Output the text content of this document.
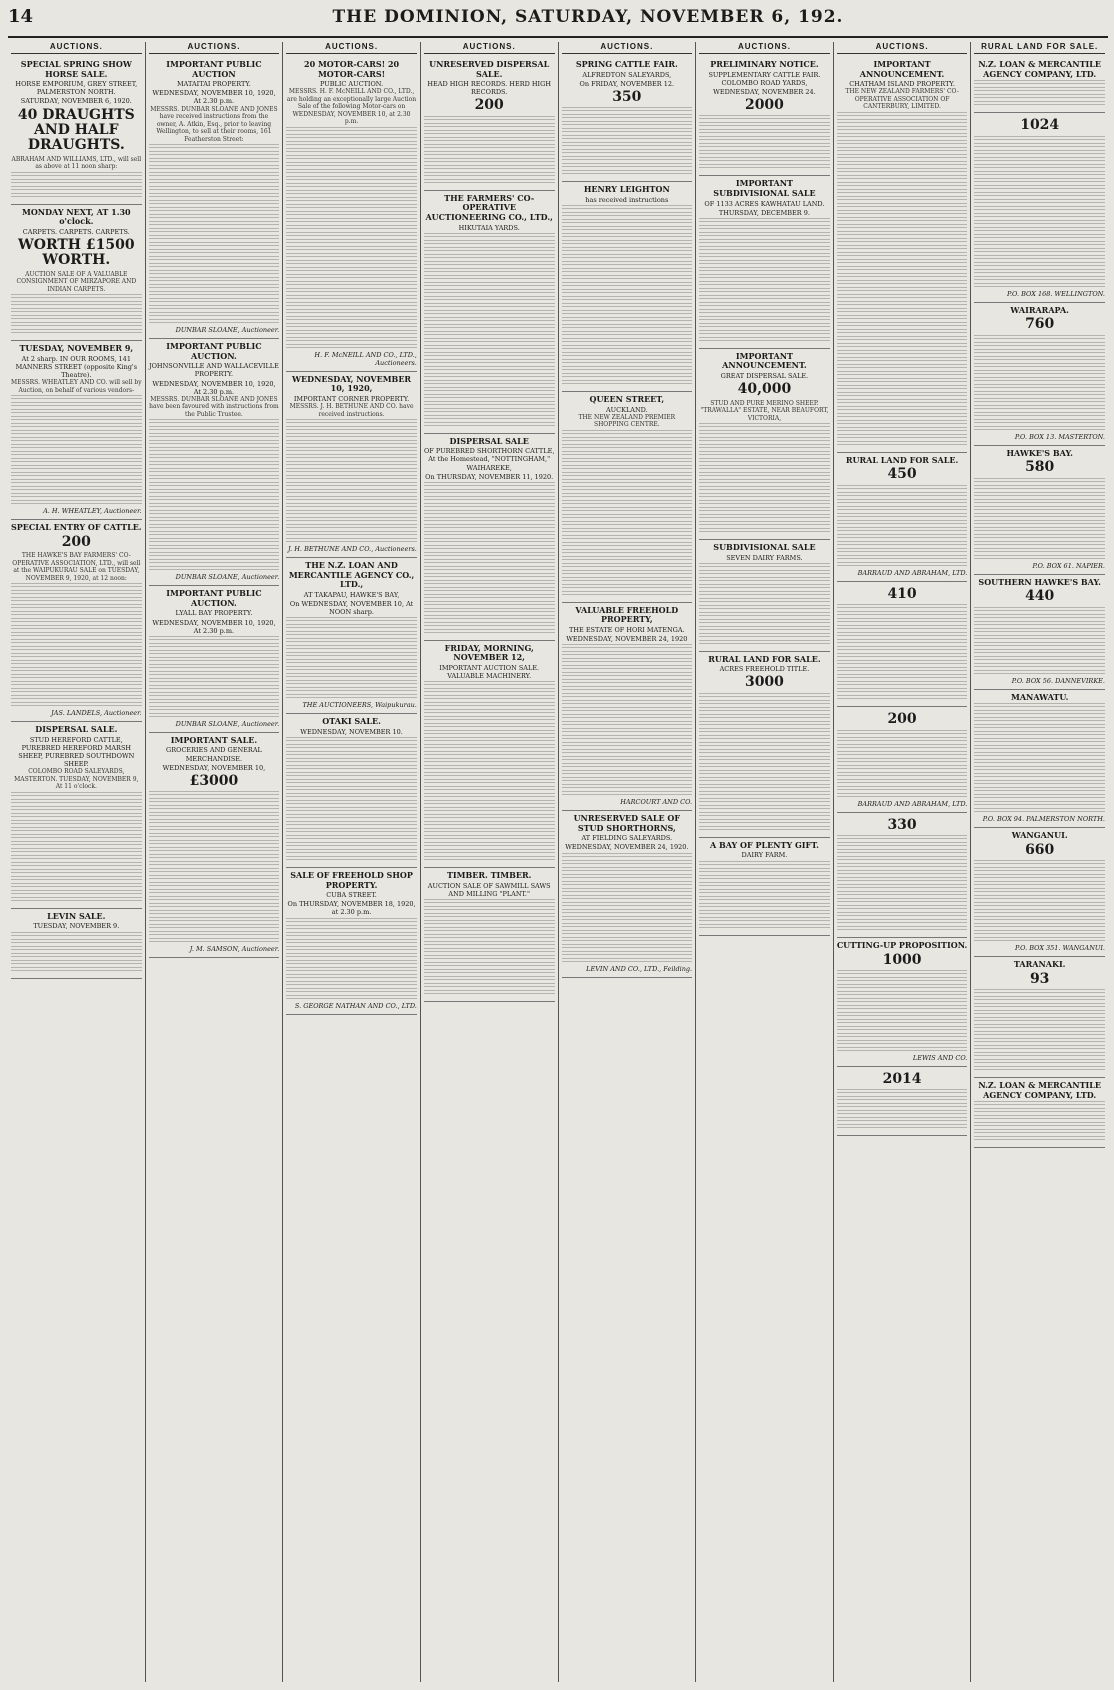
14	THE DOMINION, SATURDAY, NOVEMBER 6, 192.
AUCTIONS.
SPECIAL SPRING SHOW HORSE SALE.
HORSE EMPORIUM, GREY STREET, PALMERSTON NORTH.
SATURDAY, NOVEMBER 6, 1920.
40 DRAUGHTS AND HALF DRAUGHTS.
ABRAHAM AND WILLIAMS, LTD., will sell as above at 11 noon sharp:
MONDAY NEXT, AT 1.30 o'clock.
CARPETS. CARPETS. CARPETS.
WORTH £1500 WORTH.
AUCTION SALE OF A VALUABLE CONSIGNMENT OF MIRZAPORE AND INDIAN CARPETS.
TUESDAY, NOVEMBER 9,
At 2 sharp. IN OUR ROOMS, 141 MANNERS STREET (opposite King's Theatre).
MESSRS. WHEATLEY AND CO. will sell by Auction, on behalf of various vendors-
A. H. WHEATLEY, Auctioneer.
SPECIAL ENTRY OF CATTLE.
200
THE HAWKE'S BAY FARMERS' CO-OPERATIVE ASSOCIATION, LTD., will sell at the WAIPUKURAU SALE on TUESDAY, NOVEMBER 9, 1920, at 12 noon:
JAS. LANDELS, Auctioneer.
DISPERSAL SALE.
STUD HEREFORD CATTLE, PUREBRED HEREFORD MARSH SHEEP, PUREBRED SOUTHDOWN SHEEP.
COLOMBO ROAD SALEYARDS, MASTERTON. TUESDAY, NOVEMBER 9, At 11 o'clock.
LEVIN SALE.
TUESDAY, NOVEMBER 9.
AUCTIONS.
IMPORTANT PUBLIC AUCTION
MATAITAI PROPERTY.
WEDNESDAY, NOVEMBER 10, 1920, At 2.30 p.m.
MESSRS. DUNBAR SLOANE AND JONES have received instructions from the owner, A. Atkin, Esq., prior to leaving Wellington, to sell at their rooms, 161 Featherston Street:
DUNBAR SLOANE, Auctioneer.
IMPORTANT PUBLIC AUCTION.
JOHNSONVILLE AND WALLACEVILLE PROPERTY.
WEDNESDAY, NOVEMBER 10, 1920, At 2.30 p.m.
MESSRS. DUNBAR SLOANE AND JONES have been favoured with instructions from the Public Trustee.
DUNBAR SLOANE, Auctioneer.
IMPORTANT PUBLIC AUCTION.
LYALL BAY PROPERTY.
WEDNESDAY, NOVEMBER 10, 1920, At 2.30 p.m.
DUNBAR SLOANE, Auctioneer.
IMPORTANT SALE.
GROCERIES AND GENERAL MERCHANDISE.
WEDNESDAY, NOVEMBER 10,
£3000
J. M. SAMSON, Auctioneer.
AUCTIONS.
20 MOTOR-CARS! 20 MOTOR-CARS!
PUBLIC AUCTION.
MESSRS. H. F. McNEILL AND CO., LTD., are holding an exceptionally large Auction Sale of the following Motor-cars on WEDNESDAY, NOVEMBER 10, at 2.30 p.m.
H. F. McNEILL AND CO., LTD., Auctioneers.
WEDNESDAY, NOVEMBER 10, 1920,
IMPORTANT CORNER PROPERTY.
MESSRS. J. H. BETHUNE AND CO. have received instructions.
J. H. BETHUNE AND CO., Auctioneers.
THE N.Z. LOAN AND MERCANTILE AGENCY CO., LTD.,
AT TAKAPAU, HAWKE'S BAY,
On WEDNESDAY, NOVEMBER 10, At NOON sharp.
THE AUCTIONEERS, Waipukurau.
OTAKI SALE.
WEDNESDAY, NOVEMBER 10.
SALE OF FREEHOLD SHOP PROPERTY.
CUBA STREET.
On THURSDAY, NOVEMBER 18, 1920, at 2.30 p.m.
S. GEORGE NATHAN AND CO., LTD.
AUCTIONS.
UNRESERVED DISPERSAL SALE.
HEAD HIGH RECORDS. HERD HIGH RECORDS.
200
THE FARMERS' CO-OPERATIVE AUCTIONEERING CO., LTD.,
HIKUTAIA YARDS.
DISPERSAL SALE
OF PUREBRED SHORTHORN CATTLE, At the Homestead, "NOTTINGHAM," WAIHAREKE,
On THURSDAY, NOVEMBER 11, 1920.
FRIDAY, MORNING, NOVEMBER 12,
IMPORTANT AUCTION SALE. VALUABLE MACHINERY.
TIMBER. TIMBER.
AUCTION SALE OF SAWMILL SAWS AND MILLING "PLANT."
AUCTIONS.
SPRING CATTLE FAIR.
ALFREDTON SALEYARDS,
On FRIDAY, NOVEMBER 12.
350
HENRY LEIGHTON
has received instructions
QUEEN STREET,
AUCKLAND.
THE NEW ZEALAND PREMIER SHOPPING CENTRE.
VALUABLE FREEHOLD PROPERTY,
THE ESTATE OF HORI MATENGA.
WEDNESDAY, NOVEMBER 24, 1920
HARCOURT AND CO.
UNRESERVED SALE OF STUD SHORTHORNS,
AT FIELDING SALEYARDS.
WEDNESDAY, NOVEMBER 24, 1920.
LEVIN AND CO., LTD., Feilding.
AUCTIONS.
PRELIMINARY NOTICE.
SUPPLEMENTARY CATTLE FAIR. COLOMBO ROAD YARDS,
WEDNESDAY, NOVEMBER 24.
2000
IMPORTANT SUBDIVISIONAL SALE
OF 1133 ACRES KAWHATAU LAND.
THURSDAY, DECEMBER 9.
IMPORTANT ANNOUNCEMENT.
GREAT DISPERSAL SALE.
40,000
STUD AND PURE MERINO SHEEP. "TRAWALLA" ESTATE, NEAR BEAUFORT, VICTORIA,
SUBDIVISIONAL SALE
SEVEN DAIRY FARMS.
RURAL LAND FOR SALE.
ACRES FREEHOLD TITLE.
3000
A BAY OF PLENTY GIFT.
DAIRY FARM.
AUCTIONS.
IMPORTANT ANNOUNCEMENT.
CHATHAM ISLAND PROPERTY.
THE NEW ZEALAND FARMERS' CO-OPERATIVE ASSOCIATION OF CANTERBURY, LIMITED.
RURAL LAND FOR SALE.
450
BARRAUD AND ABRAHAM, LTD.
410
200
BARRAUD AND ABRAHAM, LTD.
330
CUTTING-UP PROPOSITION.
1000
LEWIS AND CO.
2014
RURAL LAND FOR SALE.
N.Z. LOAN & MERCANTILE AGENCY COMPANY, LTD.
1024
P.O. BOX 168. WELLINGTON.
WAIRARAPA.
760
P.O. BOX 13. MASTERTON.
HAWKE'S BAY.
580
P.O. BOX 61. NAPIER.
SOUTHERN HAWKE'S BAY.
440
P.O. BOX 56. DANNEVIRKE.
MANAWATU.
P.O. BOX 94. PALMERSTON NORTH.
WANGANUI.
660
P.O. BOX 351. WANGANUI.
TARANAKI.
93
N.Z. LOAN & MERCANTILE AGENCY COMPANY, LTD.
